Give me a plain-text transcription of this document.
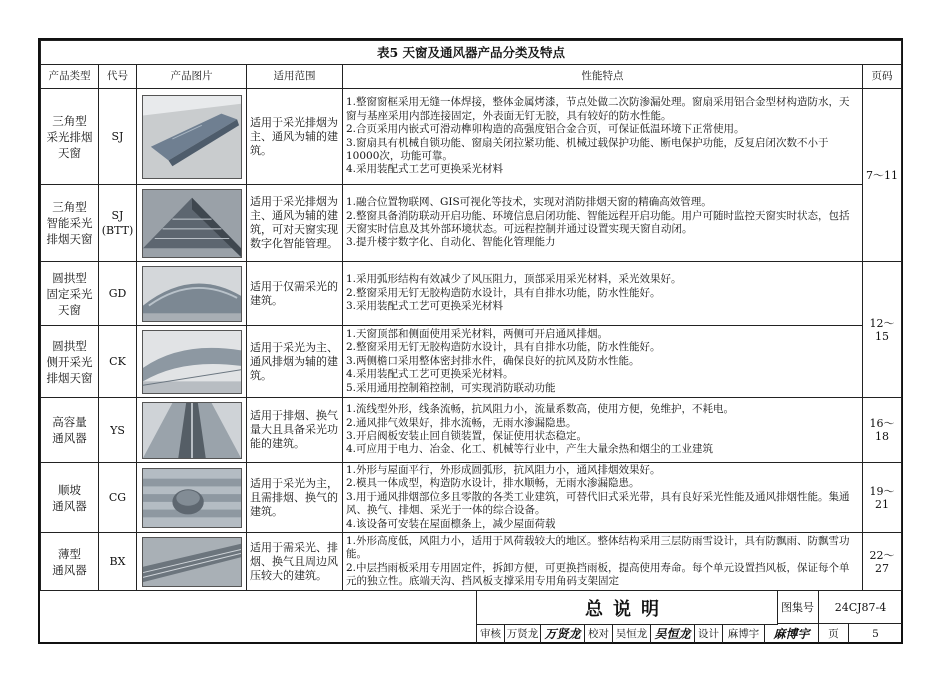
表5 天窗及通风器产品分类及特点					
产品类型	代号	产品图片	适用范围	性能特点	页码
三角型
采光排烟
天窗	SJ		适用于采光排烟为主、通风为辅的建筑。	1.整窗窗框采用无缝一体焊接，整体金属烤漆，节点处做二次防渗漏处理。窗扇采用铝合金型材构造防水，天窗与基座采用内部连接固定，外表面无钉无胶，具有较好的防水性能。
2.合页采用内嵌式可滑动榫卯构造的高强度铝合金合页，可保证低温环境下正常使用。
3.窗扇具有机械自锁功能、窗扇关闭拉紧功能、机械过载保护功能、断电保护功能，反复启闭次数不小于10000次，功能可靠。
4.采用装配式工艺可更换采光材料	7～11
三角型
智能采光
排烟天窗	SJ
(BTT)		适用于采光排烟为主、通风为辅的建筑，可对天窗实现数字化智能管理。	1.融合位置物联网、GIS可视化等技术，实现对消防排烟天窗的精确高效管理。
2.整窗具备消防联动开启功能、环境信息启闭功能、智能远程开启功能。用户可随时监控天窗实时状态，包括天窗实时信息及其外部环境状态。可远程控制并通过设置实现天窗自动闭。
3.提升楼宇数字化、自动化、智能化管理能力	

圆拱型
固定采光
天窗	GD		适用于仅需采光的建筑。	1.采用弧形结构有效减少了风压阻力，顶部采用采光材料，采光效果好。
2.整窗采用无钉无胶构造防水设计，具有自排水功能，防水性能好。
3.采用装配式工艺可更换采光材料	12～15
圆拱型
侧开采光
排烟天窗	CK		适用于采光为主、通风排烟为辅的建筑。	1.天窗顶部和侧面使用采光材料，两侧可开启通风排烟。
2.整窗采用无钉无胶构造防水设计，具有自排水功能，防水性能好。
3.两侧檐口采用整体密封排水件，确保良好的抗风及防水性能。
4.采用装配式工艺可更换采光材料。
5.采用通用控制箱控制，可实现消防联动功能	

高容量
通风器	YS		适用于排烟、换气量大且具备采光功能的建筑。	1.流线型外形，线条流畅，抗风阻力小，流量系数高，使用方便，免维护，不耗电。
2.通风排气效果好，排水流畅，无雨水渗漏隐患。
3.开启阀板安装止回自锁装置，保证使用状态稳定。
4.可应用于电力、冶金、化工、机械等行业中，产生大量余热和烟尘的工业建筑	16～18
顺坡
通风器	CG		适用于采光为主，且需排烟、换气的建筑。	1.外形与屋面平行，外形成圆弧形，抗风阻力小，通风排烟效果好。
2.模具一体成型，构造防水设计，排水顺畅，无雨水渗漏隐患。
3.用于通风排烟部位多且零散的各类工业建筑，可替代旧式采光带，具有良好采光性能及通风排烟性能。集通风、换气、排烟、采光于一体的综合设备。
4.该设备可安装在屋面檩条上，减少屋面荷载	19～21
薄型
通风器	BX		适用于需采光、排烟、换气且周边风压较大的建筑。	1.外形高度低，风阻力小，适用于风荷载较大的地区。整体结构采用三层防雨雪设计，具有防飘雨、防飘雪功能。
2.中层挡雨板采用专用固定件，拆卸方便，可更换挡雨板，提高使用寿命。每个单元设置挡风板，保证每个单元的独立性。底端天沟、挡风板支撑采用专用角码支架固定	22～27
总说明	图集号	24CJ87-4
审核 万贤龙 万贤龙 校对 吴恒龙 吴恒龙 设计 麻博宇	麻博宇	页	5
